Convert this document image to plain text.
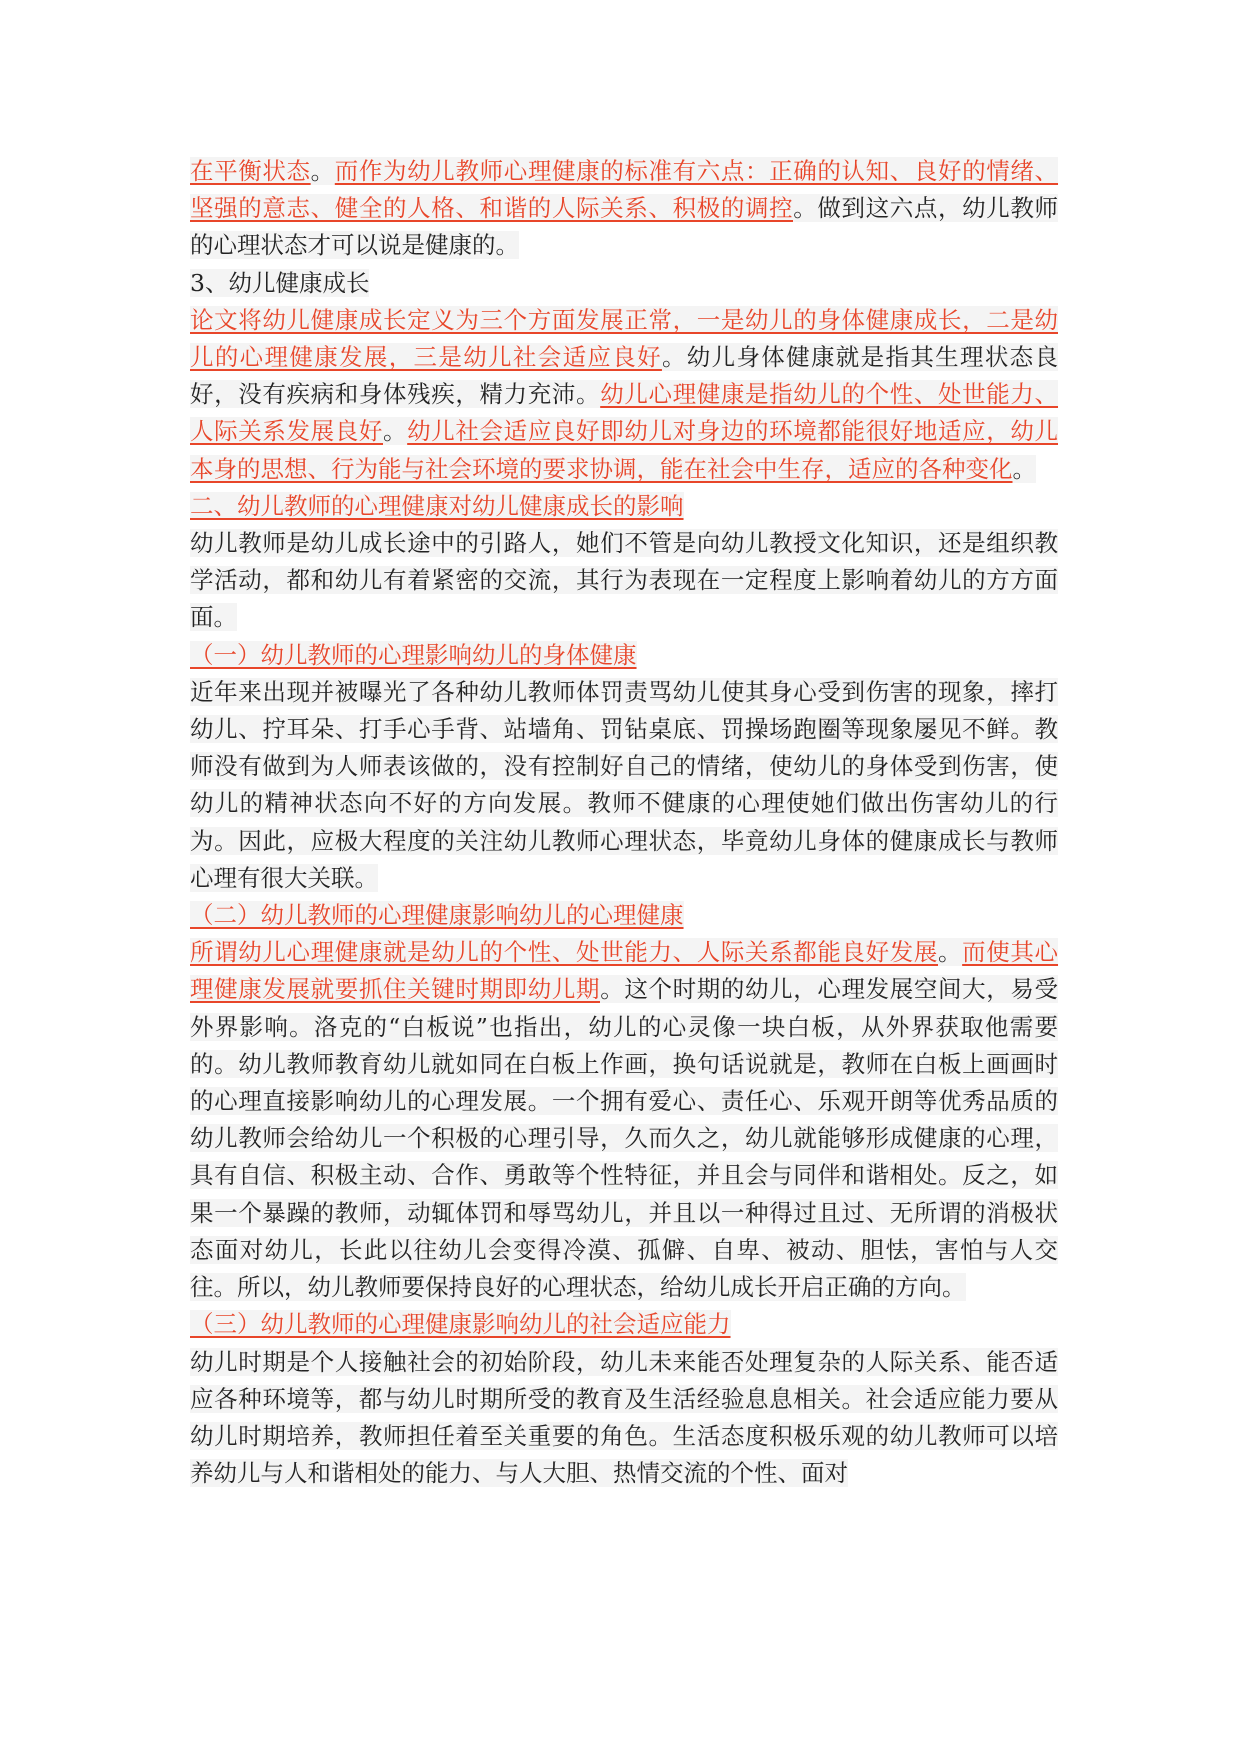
在平衡状态。而作为幼儿教师心理健康的标准有六点：正确的认知、良好的情绪、坚强的意志、健全的人格、和谐的人际关系、积极的调控。做到这六点，幼儿教师的心理状态才可以说是健康的。

3、幼儿健康成长

论文将幼儿健康成长定义为三个方面发展正常，一是幼儿的身体健康成长，二是幼儿的心理健康发展，三是幼儿社会适应良好。幼儿身体健康就是指其生理状态良好，没有疾病和身体残疾，精力充沛。幼儿心理健康是指幼儿的个性、处世能力、人际关系发展良好。幼儿社会适应良好即幼儿对身边的环境都能很好地适应，幼儿本身的思想、行为能与社会环境的要求协调，能在社会中生存，适应的各种变化。

二、幼儿教师的心理健康对幼儿健康成长的影响

幼儿教师是幼儿成长途中的引路人，她们不管是向幼儿教授文化知识，还是组织教学活动，都和幼儿有着紧密的交流，其行为表现在一定程度上影响着幼儿的方方面面。

（一）幼儿教师的心理影响幼儿的身体健康

近年来出现并被曝光了各种幼儿教师体罚责骂幼儿使其身心受到伤害的现象，摔打幼儿、拧耳朵、打手心手背、站墙角、罚钻桌底、罚操场跑圈等现象屡见不鲜。教师没有做到为人师表该做的，没有控制好自己的情绪，使幼儿的身体受到伤害，使幼儿的精神状态向不好的方向发展。教师不健康的心理使她们做出伤害幼儿的行为。因此，应极大程度的关注幼儿教师心理状态，毕竟幼儿身体的健康成长与教师心理有很大关联。

（二）幼儿教师的心理健康影响幼儿的心理健康

所谓幼儿心理健康就是幼儿的个性、处世能力、人际关系都能良好发展。而使其心理健康发展就要抓住关键时期即幼儿期。这个时期的幼儿，心理发展空间大，易受外界影响。洛克的“白板说”也指出，幼儿的心灵像一块白板，从外界获取他需要的。幼儿教师教育幼儿就如同在白板上作画，换句话说就是，教师在白板上画画时的心理直接影响幼儿的心理发展。一个拥有爱心、责任心、乐观开朗等优秀品质的幼儿教师会给幼儿一个积极的心理引导，久而久之，幼儿就能够形成健康的心理，具有自信、积极主动、合作、勇敢等个性特征，并且会与同伴和谐相处。反之，如果一个暴躁的教师，动辄体罚和辱骂幼儿，并且以一种得过且过、无所谓的消极状态面对幼儿，长此以往幼儿会变得冷漠、孤僻、自卑、被动、胆怯，害怕与人交往。所以，幼儿教师要保持良好的心理状态，给幼儿成长开启正确的方向。

（三）幼儿教师的心理健康影响幼儿的社会适应能力

幼儿时期是个人接触社会的初始阶段，幼儿未来能否处理复杂的人际关系、能否适应各种环境等，都与幼儿时期所受的教育及生活经验息息相关。社会适应能力要从幼儿时期培养，教师担任着至关重要的角色。生活态度积极乐观的幼儿教师可以培养幼儿与人和谐相处的能力、与人大胆、热情交流的个性、面对
